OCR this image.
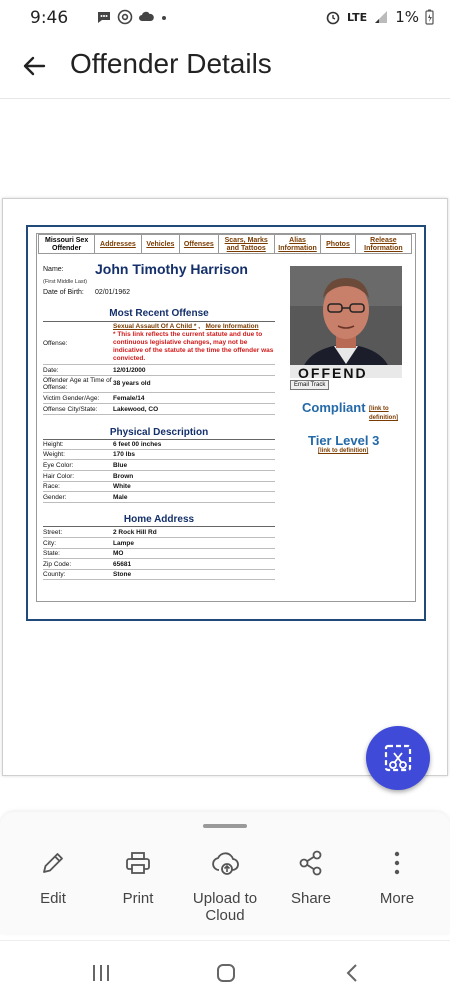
9:46	LTE 1%
Offender Details
Missouri Sex Offender
Addresses	Vehicles	Offenses
Scars, Marks and Tattoos
Alias Information
Photos
Release Information
Name: John Timothy Harrison
(First Middle Last)
Date of Birth: 02/01/1962
Most Recent Offense
Offense:
Sexual Assault Of A Child * ,   More Information
* This link reflects the current statute and due to continuous legislative changes, may not be indicative of the statute at the time the offender was convicted.
Date:	12/01/2000
Offender Age at Time of Offense:
38 years old
Victim Gender/Age: Female/14
Offense City/State: Lakewood, CO
Physical Description
Height:	6 feet 00 inches
Weight:	170 lbs
Eye Color:	Blue
Hair Color:	Brown
Race:	White
Gender:	Male
Home Address
Street:	2 Rock Hill Rd
City:	Lampe
State:	MO
Zip Code:	65681
County:	Stone
OFFEND
Email Track
Compliant [link to definition]
Tier Level 3
[link to definition]
Edit	Print	Upload to Cloud
Share	More
